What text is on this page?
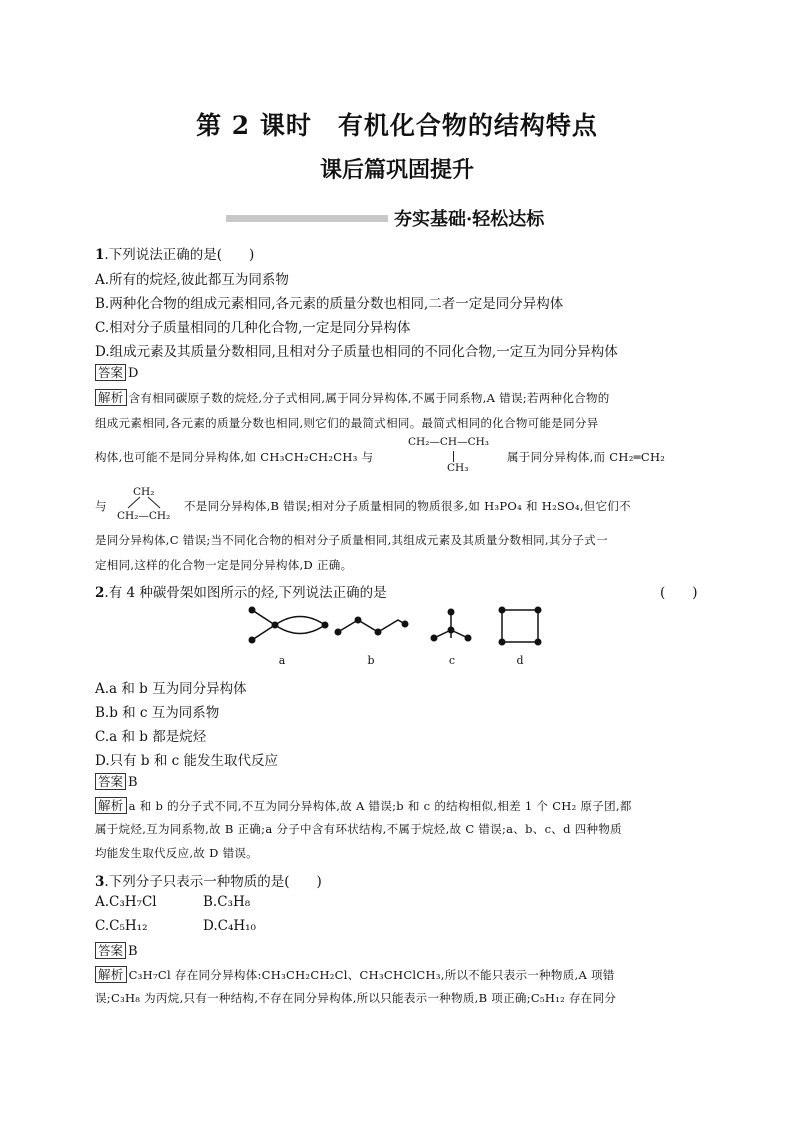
第 2 课时　有机化合物的结构特点
课后篇巩固提升
夯实基础·轻松达标
1.下列说法正确的是(　　)
A.所有的烷烃,彼此都互为同系物
B.两种化合物的组成元素相同,各元素的质量分数也相同,二者一定是同分异构体
C.相对分子质量相同的几种化合物,一定是同分异构体
D.组成元素及其质量分数相同,且相对分子质量也相同的不同化合物,一定互为同分异构体
答案 D
解析 含有相同碳原子数的烷烃,分子式相同,属于同分异构体,不属于同系物,A 错误;若两种化合物的
组成元素相同,各元素的质量分数也相同,则它们的最简式相同。最简式相同的化合物可能是同分异
构体,也可能不是同分异构体,如 CH₃CH₂CH₂CH₃ 与
CH₂—CH—CH₃
CH₃
属于同分异构体,而 CH₂═CH₂
与
CH₂
CH₂—CH₂
不是同分异构体,B 错误;相对分子质量相同的物质很多,如 H₃PO₄ 和 H₂SO₄,但它们不
是同分异构体,C 错误;当不同化合物的相对分子质量相同,其组成元素及其质量分数相同,其分子式一
定相同,这样的化合物一定是同分异构体,D 正确。
2.有 4 种碳骨架如图所示的烃,下列说法正确的是	(　　)
a	b	c	d
A.a 和 b 互为同分异构体
B.b 和 c 互为同系物
C.a 和 b 都是烷烃
D.只有 b 和 c 能发生取代反应
答案 B
解析 a 和 b 的分子式不同,不互为同分异构体,故 A 错误;b 和 c 的结构相似,相差 1 个 CH₂ 原子团,都
属于烷烃,互为同系物,故 B 正确;a 分子中含有环状结构,不属于烷烃,故 C 错误;a、b、c、d 四种物质
均能发生取代反应,故 D 错误。
3.下列分子只表示一种物质的是(　　)
A.C₃H₇Cl	B.C₃H₈
C.C₅H₁₂	D.C₄H₁₀
答案 B
解析 C₃H₇Cl 存在同分异构体:CH₃CH₂CH₂Cl、CH₃CHClCH₃,所以不能只表示一种物质,A 项错
误;C₃H₈ 为丙烷,只有一种结构,不存在同分异构体,所以只能表示一种物质,B 项正确;C₅H₁₂ 存在同分
